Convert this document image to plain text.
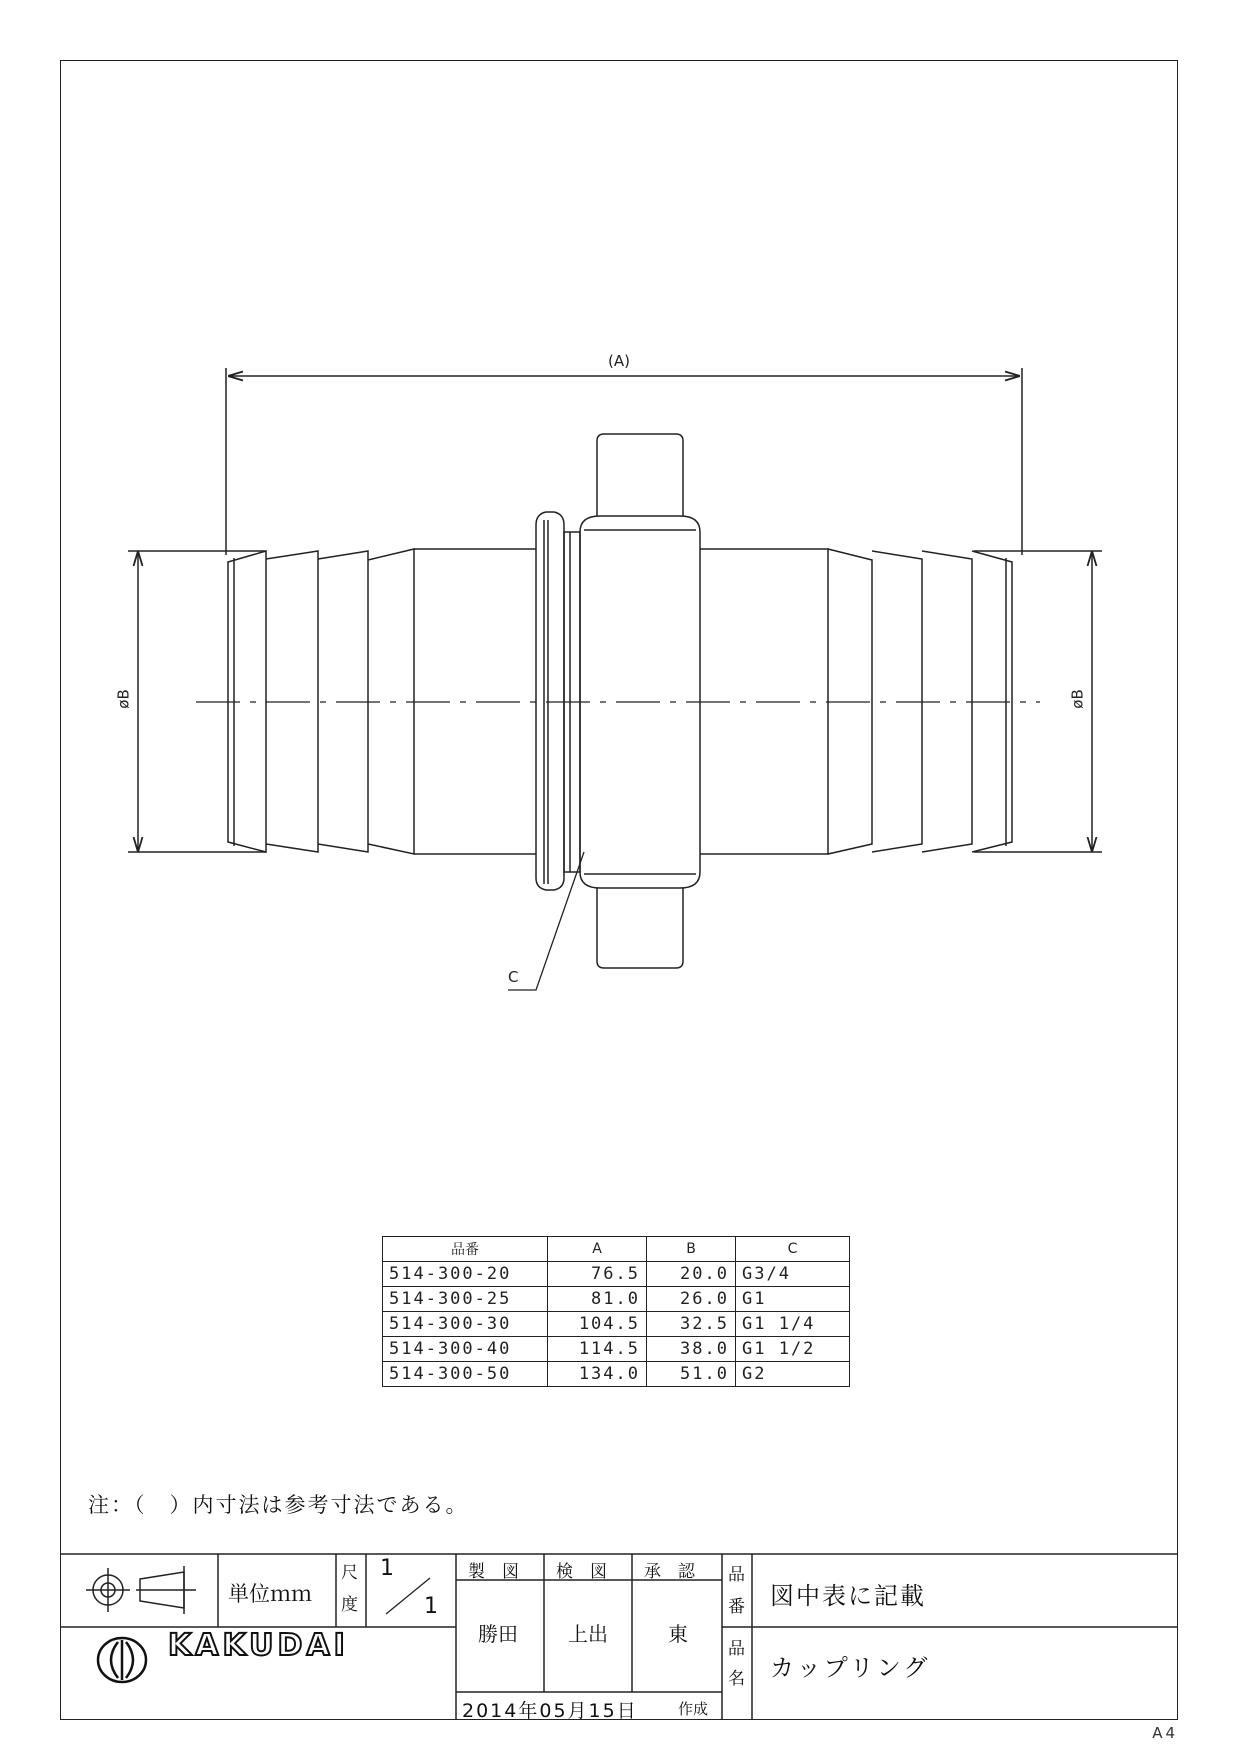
(A)
øB	øB
C
品番	A	B	C
514-300-20	76.5	20.0	G3/4
514-300-25	81.0	26.0	G1
514-300-30	104.5	32.5	G1 1/4
514-300-40	114.5	38.0	G1 1/2
514-300-50	134.0	51.0	G2
注：（　）内寸法は参考寸法である。
単位ｍｍ
尺
度
1
1
製　図 検　図 承　認
勝田	上出	東
品
番 図中表に記載
品
名 カップリング
2014年05月15日	作成
KAKUDAI
A4
